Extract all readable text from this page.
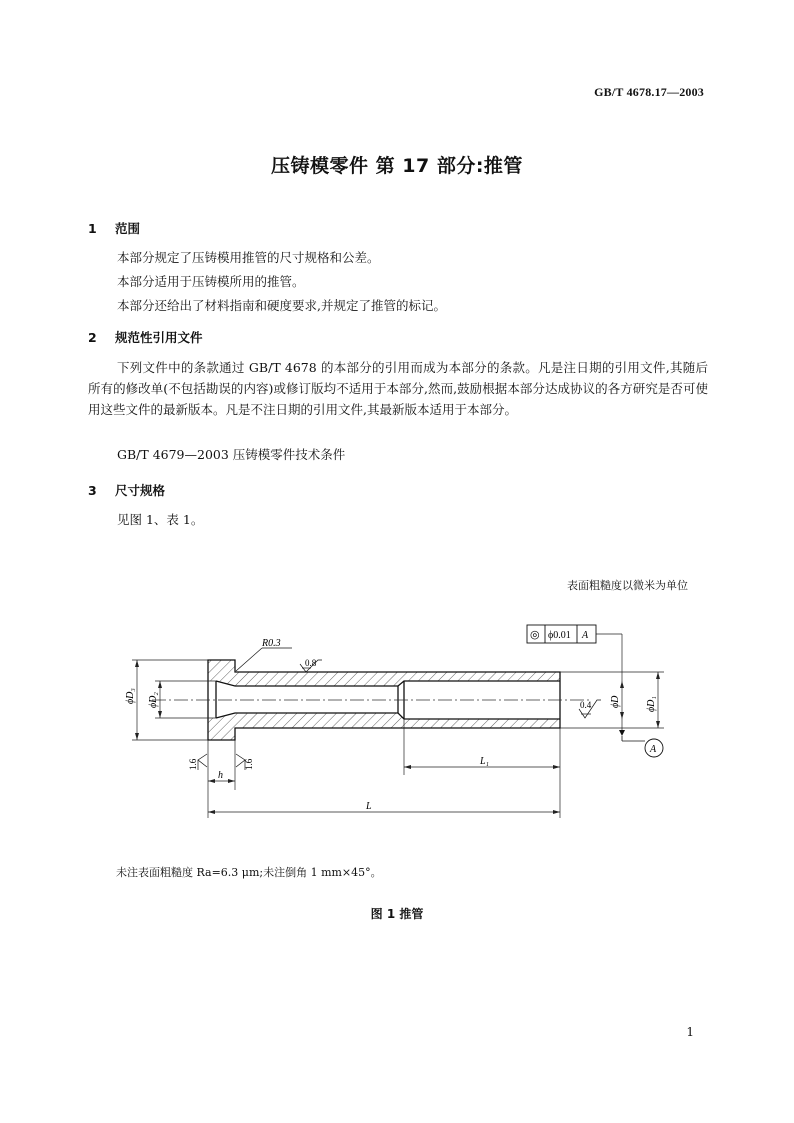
GB/T 4678.17—2003
压铸模零件 第 17 部分:推管
1 范围
本部分规定了压铸模用推管的尺寸规格和公差。
本部分适用于压铸模所用的推管。
本部分还给出了材料指南和硬度要求,并规定了推管的标记。
2 规范性引用文件
下列文件中的条款通过 GB/T 4678 的本部分的引用而成为本部分的条款。凡是注日期的引用文件,其随后所有的修改单(不包括勘误的内容)或修订版均不适用于本部分,然而,鼓励根据本部分达成协议的各方研究是否可使用这些文件的最新版本。凡是不注日期的引用文件,其最新版本适用于本部分。
GB/T 4679—2003 压铸模零件技术条件
3 尺寸规格
见图 1、表 1。
表面粗糙度以微米为单位
ϕD₃ ϕD₂	ϕD	ϕD₁
◎ ϕ0.01 A
A
R0.3
0.8
0.4
1.6	1.6
h
L₁
L
未注表面粗糙度 Ra=6.3 μm;未注倒角 1 mm×45°。
图 1 推管
1
